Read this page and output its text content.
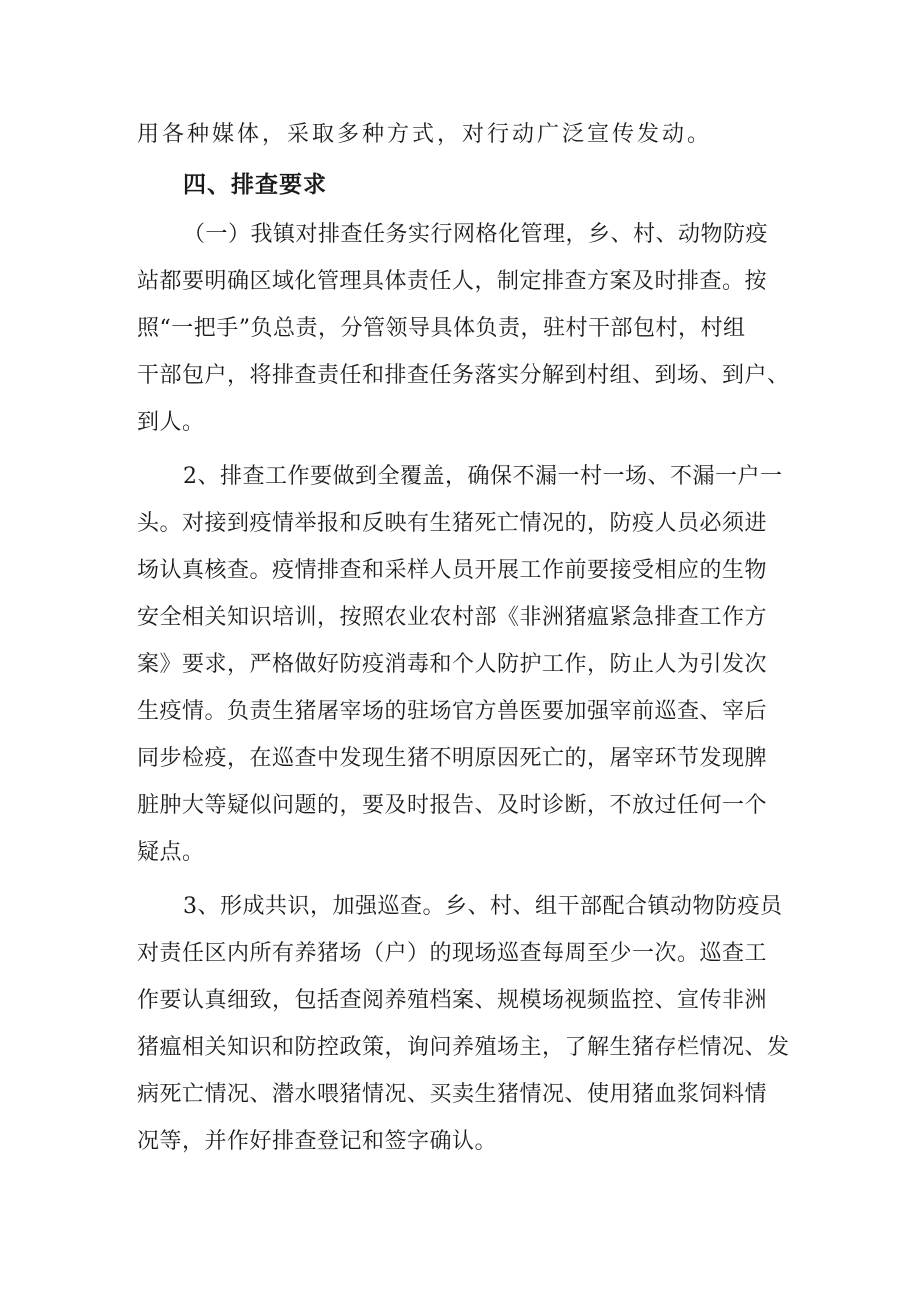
用各种媒体，采取多种方式，对行动广泛宣传发动。
四、排查要求
（一）我镇对排查任务实行网格化管理，乡、村、动物防疫
站都要明确区域化管理具体责任人，制定排查方案及时排查。按
照“一把手”负总责，分管领导具体负责，驻村干部包村，村组
干部包户，将排查责任和排查任务落实分解到村组、到场、到户、
到人。
2、排查工作要做到全覆盖，确保不漏一村一场、不漏一户一
头。对接到疫情举报和反映有生猪死亡情况的，防疫人员必须进
场认真核查。疫情排查和采样人员开展工作前要接受相应的生物
安全相关知识培训，按照农业农村部《非洲猪瘟紧急排查工作方
案》要求，严格做好防疫消毒和个人防护工作，防止人为引发次
生疫情。负责生猪屠宰场的驻场官方兽医要加强宰前巡查、宰后
同步检疫，在巡查中发现生猪不明原因死亡的，屠宰环节发现脾
脏肿大等疑似问题的，要及时报告、及时诊断，不放过任何一个
疑点。
3、形成共识，加强巡查。乡、村、组干部配合镇动物防疫员
对责任区内所有养猪场（户）的现场巡查每周至少一次。巡查工
作要认真细致，包括查阅养殖档案、规模场视频监控、宣传非洲
猪瘟相关知识和防控政策，询问养殖场主，了解生猪存栏情况、发
病死亡情况、潜水喂猪情况、买卖生猪情况、使用猪血浆饲料情
况等，并作好排查登记和签字确认。
